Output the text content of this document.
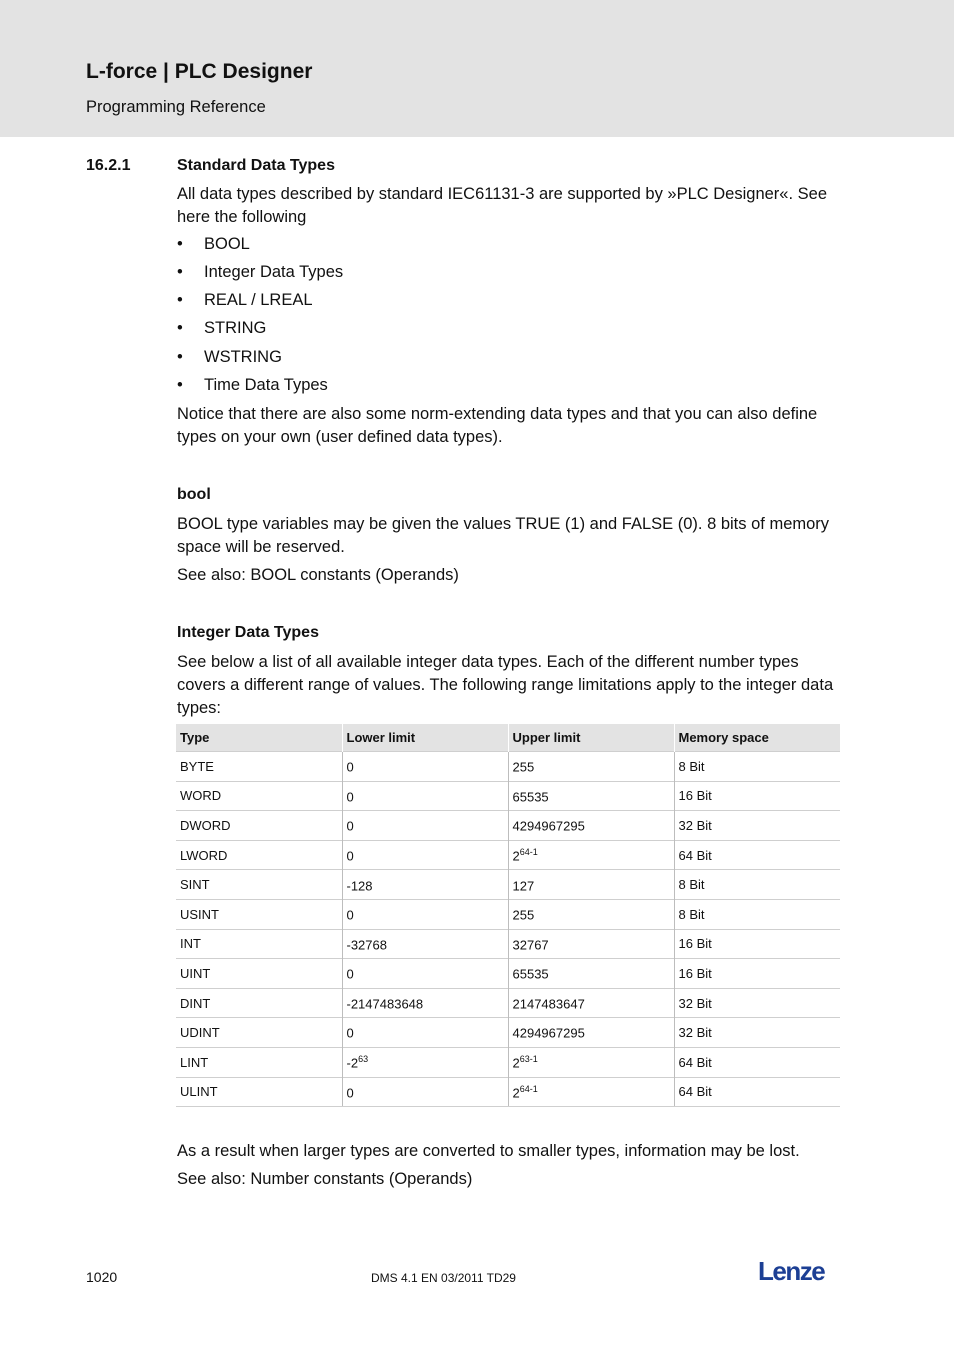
L-force | PLC Designer
Programming Reference
16.2.1	Standard Data Types
All data types described by standard IEC61131-3 are supported by »PLC Designer«. See here the following
• BOOL
• Integer Data Types
• REAL / LREAL
• STRING
• WSTRING
• Time Data Types
Notice that there are also some norm-extending data types and that you can also define types on your own (user defined data types).
bool
BOOL type variables may be given the values TRUE (1) and FALSE (0). 8 bits of memory space will be reserved.
See also: BOOL constants (Operands)
Integer Data Types
See below a list of all available integer data types. Each of the different number types covers a different range of values. The following range limitations apply to the integer data types:
Type	Lower limit	Upper limit	Memory space
BYTE	0	255	8 Bit
WORD	0	65535	16 Bit
DWORD	0	4294967295	32 Bit
LWORD	0	2$^{64-1}$	64 Bit
SINT	-128	127	8 Bit
USINT	0	255	8 Bit
INT	-32768	32767	16 Bit
UINT	0	65535	16 Bit
DINT	-2147483648	2147483647	32 Bit
UDINT	0	4294967295	32 Bit
LINT	$-2^{63}$	2$^{63-1}$	64 Bit
ULINT	0	2$^{64-1}$	64 Bit
As a result when larger types are converted to smaller types, information may be lost.
See also: Number constants (Operands)
1020	DMS 4.1 EN 03/2011 TD29	Lenze
